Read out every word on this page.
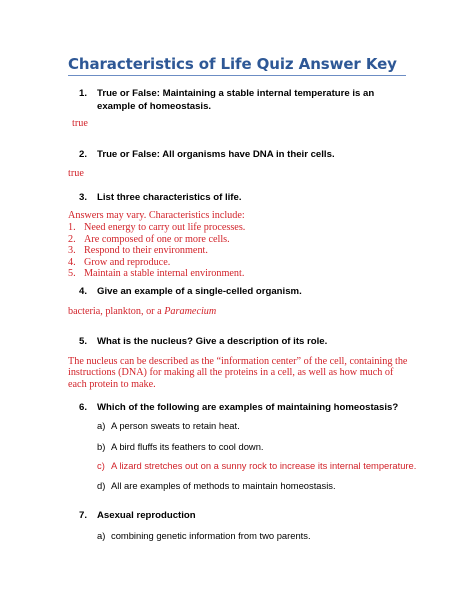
Characteristics of Life Quiz Answer Key
1. True or False: Maintaining a stable internal temperature is an example of homeostasis.
true
2. True or False: All organisms have DNA in their cells.
true
3. List three characteristics of life.
Answers may vary. Characteristics include:
1. Need energy to carry out life processes.
2. Are composed of one or more cells.
3. Respond to their environment.
4. Grow and reproduce.
5. Maintain a stable internal environment.
4. Give an example of a single-celled organism.
bacteria, plankton, or a Paramecium
5. What is the nucleus? Give a description of its role.
The nucleus can be described as the “information center” of the cell, containing the instructions (DNA) for making all the proteins in a cell, as well as how much of each protein to make.
6. Which of the following are examples of maintaining homeostasis?
a) A person sweats to retain heat.
b) A bird fluffs its feathers to cool down.
c) A lizard stretches out on a sunny rock to increase its internal temperature.
d) All are examples of methods to maintain homeostasis.
7. Asexual reproduction
a) combining genetic information from two parents.
